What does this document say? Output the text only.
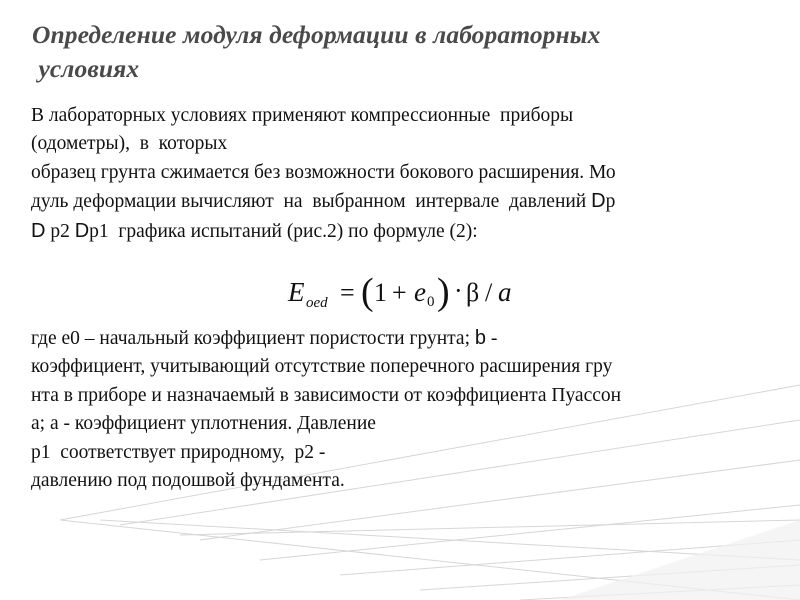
Определение модуля деформации в лабораторных
условиях
В лабораторных условиях применяют компрессионные  приборы
(одометры),  в  которых
образец грунта сжимается без возможности бокового расширения. Мо
дуль деформации вычисляют  на  выбранном  интервале  давлений Dp
D p2 Dp1  графика испытаний (рис.2) по формуле (2):
E oed = ( 1 + e 0 ) · β / a
где е0 – начальный коэффициент пористости грунта; b -
коэффициент, учитывающий отсутствие поперечного расширения гру
нта в приборе и назначаемый в зависимости от коэффициента Пуассон
а; а - коэффициент уплотнения. Давление
р1  соответствует природному,  р2 -
давлению под подошвой фундамента.
